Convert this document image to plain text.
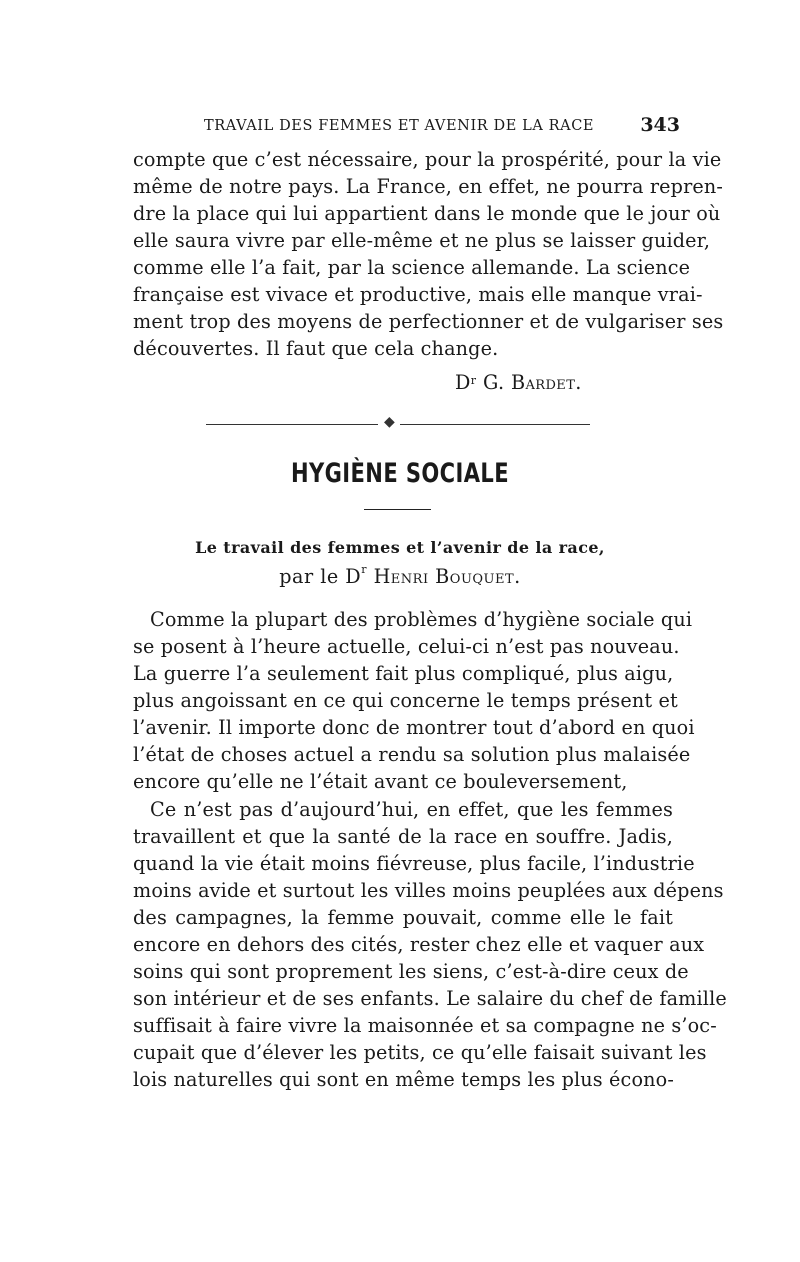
TRAVAIL DES FEMMES ET AVENIR DE LA RACE 343
compte que c’est nécessaire, pour la prospérité, pour la vie
même de notre pays. La France, en effet, ne pourra repren-
dre la place qui lui appartient dans le monde que le jour où
elle saura vivre par elle-même et ne plus se laisser guider,
comme elle l’a fait, par la science allemande. La science
française est vivace et productive, mais elle manque vrai-
ment trop des moyens de perfectionner et de vulgariser ses
découvertes. Il faut que cela change.
$D^r$ G. Bardet.
◆
HYGIÈNE SOCIALE
Le travail des femmes et l’avenir de la race,
par le $D^r$ Henri Bouquet.
Comme la plupart des problèmes d’hygiène sociale qui
se posent à l’heure actuelle, celui-ci n’est pas nouveau.
La guerre l’a seulement fait plus compliqué, plus aigu,
plus angoissant en ce qui concerne le temps présent et
l’avenir. Il importe donc de montrer tout d’abord en quoi
l’état de choses actuel a rendu sa solution plus malaisée
encore qu’elle ne l’était avant ce bouleversement,
Ce n’est pas d’aujourd’hui, en effet, que les femmes
travaillent et que la santé de la race en souffre. Jadis,
quand la vie était moins fiévreuse, plus facile, l’industrie
moins avide et surtout les villes moins peuplées aux dépens
des campagnes, la femme pouvait, comme elle le fait
encore en dehors des cités, rester chez elle et vaquer aux
soins qui sont proprement les siens, c’est-à-dire ceux de
son intérieur et de ses enfants. Le salaire du chef de famille
suffisait à faire vivre la maisonnée et sa compagne ne s’oc-
cupait que d’élever les petits, ce qu’elle faisait suivant les
lois naturelles qui sont en même temps les plus écono-
